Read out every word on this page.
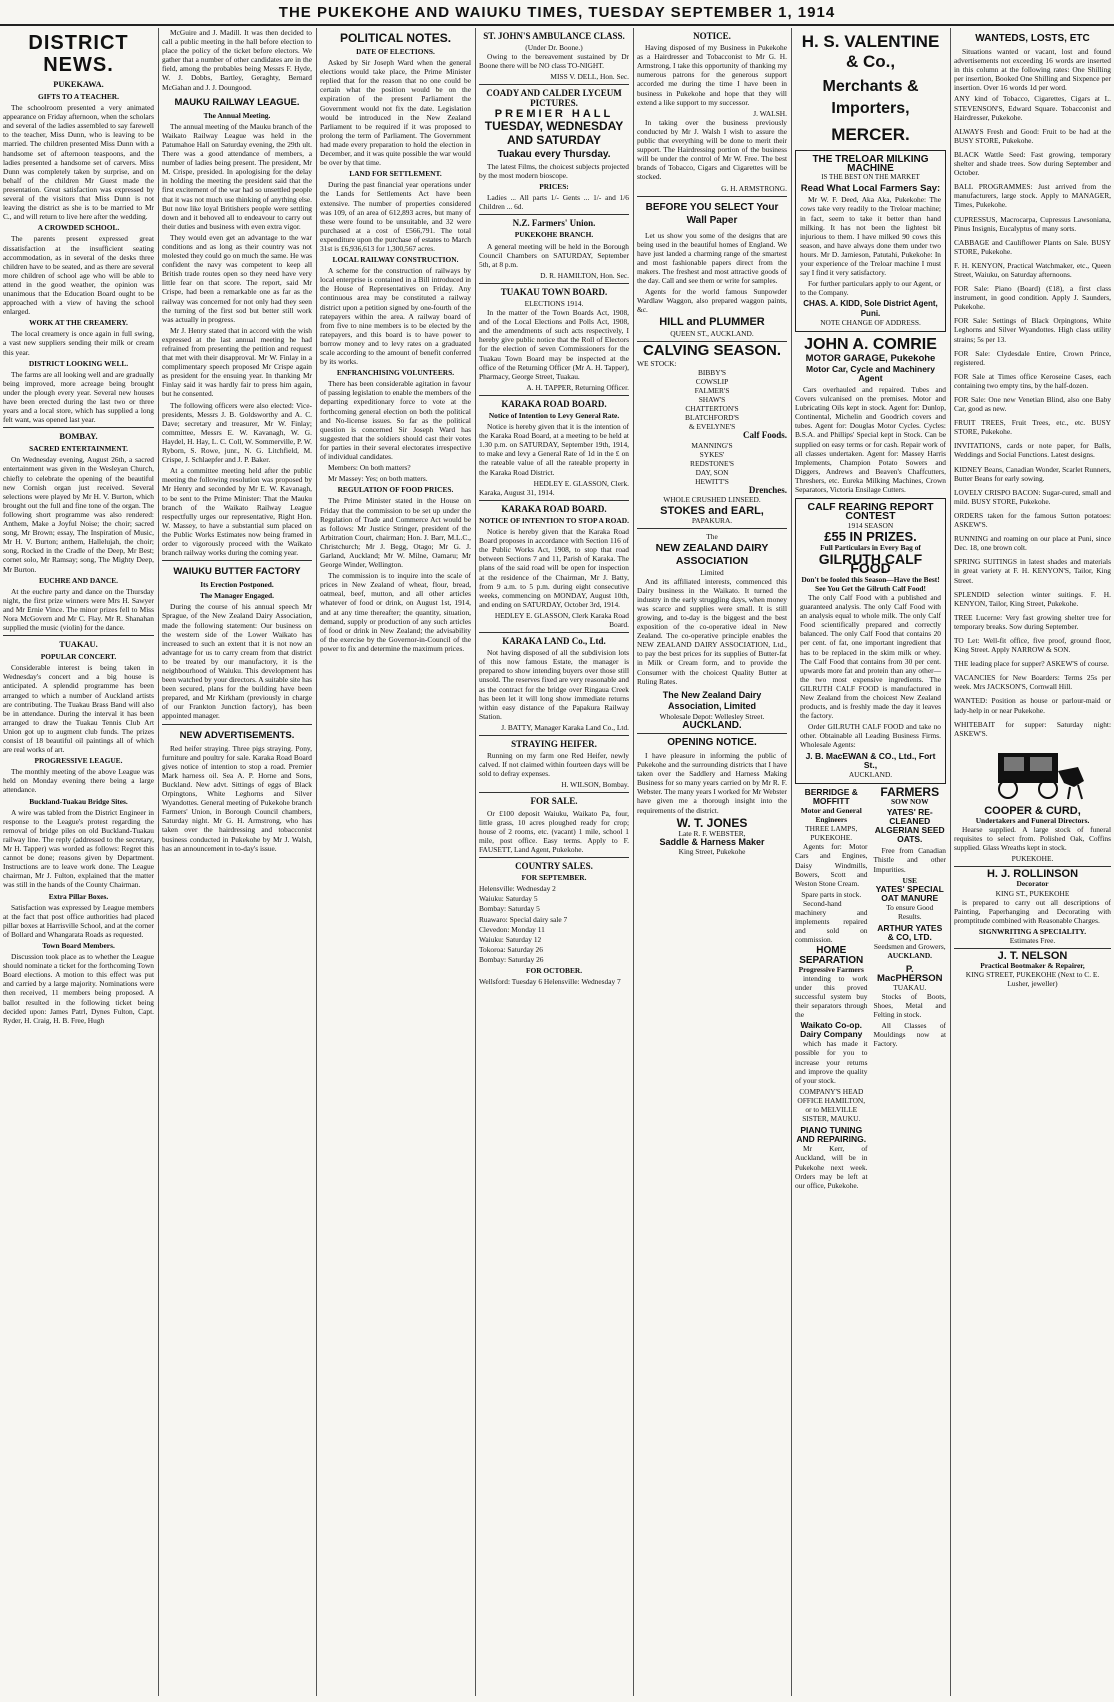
THE PUKEKOHE AND WAIUKU TIMES, TUESDAY SEPTEMBER 1, 1914
DISTRICT NEWS.
PUKEKAWA.
GIFTS TO A TEACHER.

The schoolroom presented a very animated appearance on Friday afternoon, when the scholars and several of the ladies assembled to say farewell to the teacher, Miss Dunn, who is leaving to be married. The children presented Miss Dunn with a handsome set of afternoon teaspoons, and the ladies presented a handsome set of carvers. Miss Dunn was completely taken by surprise, and on behalf of the children Mr Guest made the presentation. Great satisfaction was expressed by several of the visitors that Miss Dunn is not leaving the district as she is to be married to Mr C., and will return to live here after the wedding.

A CROWDED SCHOOL.

The parents present expressed great dissatisfaction at the insufficient seating accommodation, as in several of the desks three children have to be seated, and as there are several more children of school age who will be able to attend in the good weather, the opinion was unanimous that the Education Board ought to be approached with a view of having the school enlarged.

WORK AT THE CREAMERY.

The local creamery is once again in full swing, a vast new suppliers sending their milk or cream this year.

DISTRICT LOOKING WELL.

The farms are all looking well and are gradually being improved, more acreage being brought under the plough every year. Several new houses have been erected during the last two or three years and a local store, which has supplied a long felt want, was opened last year.

BOMBAY.
SACRED ENTERTAINMENT.

On Wednesday evening, August 26th, a sacred entertainment was given in the Wesleyan Church, chiefly to celebrate the opening of the beautiful new Cornish organ just received. Several selections were played by Mr H. V. Burton, which brought out the full and fine tone of the organ. The following short programme was also rendered: Anthem, Make a Joyful Noise; the choir; sacred song, Mr Brown; essay, The Inspiration of Music, Mr H. V. Burton; anthem, Hallelujah, the choir; song, Rocked in the Cradle of the Deep, Mr Best; cornet solo, Mr Ramsay; song, The Mighty Deep, Mr Burton.

EUCHRE AND DANCE.

At the euchre party and dance on the Thursday night, the first prize winners were Mrs H. Sawyer and Mr Ernie Vince. The minor prizes fell to Miss Nora McGovern and Mr C. Flay. Mr R. Shanahan supplied the music (violin) for the dance.

TUAKAU.
POPULAR CONCERT.

Considerable interest is being taken in Wednesday's concert and a big house is anticipated. A splendid programme has been arranged to which a number of Auckland artists are contributing. The Tuakau Brass Band will also be in attendance. During the interval it has been arranged to draw the Tuakau Tennis Club Art Union got up to augment club funds. The prizes consist of 18 beautiful oil paintings all of which are real works of art.

PROGRESSIVE LEAGUE.

The monthly meeting of the above League was held on Monday evening there being a large attendance.

Buckland-Tuakau Bridge Sites.

A wire was tabled from the District Engineer in response to the League's protest regarding the removal of bridge piles on old Buckland-Tuakau railway line. The reply (addressed to the secretary, Mr H. Tapper) was worded as follows: Regret this cannot be done; reasons given by Department. Instructions are to leave work done. The League chairman, Mr J. Fulton, explained that the matter was still in the hands of the County Chairman.

Extra Pillar Boxes.

Satisfaction was expressed by League members at the fact that post office authorities had placed pillar boxes at Harrisville School, and at the corner of Bollard and Whangarata Roads as requested.

Town Board Members.

Discussion took place as to whether the League should nominate a ticket for the forthcoming Town Board elections. A motion to this effect was put and carried by a large majority. Nominations were then received, 11 members being proposed. A ballot resulted in the following ticket being decided upon: James Patrl, Dynes Fulton, Capt. Ryder, H. Craig, H. B. Free, Hugh

McGuire and J. Madill. It was then decided to call a public meeting in the hall before election to place the policy of the ticket before electors. We gather that a number of other candidates are in the field, among the probables being Messrs F. Hyde, W. J. Dobbs, Bartley, Geraghty, Bernard McGahan and J. J. Doungood.

MAUKU RAILWAY LEAGUE.
The Annual Meeting.

The annual meeting of the Mauku branch of the Waikato Railway League was held in the Patumahoe Hall on Saturday evening, the 29th ult. There was a good attendance of members, a number of ladies being present. The president, Mr M. Crispe, presided. In apologising for the delay in holding the meeting the president said that the first excitement of the war had so unsettled people that it was not much use thinking of anything else. But now like loyal Britishers people were settling down and it behoved all to endeavour to carry out their duties and business with even extra vigor.

They would even get an advantage to the war conditions and as long as their country was not molested they could go on much the same. He was confident the navy was competent to keep all British trade routes open so they need have very little fear on that score. The report, said Mr Crispe, had been a remarkable one as far as the railway was concerned for not only had they seen the turning of the first sod but better still work was actually in progress.

Mr J. Henry stated that in accord with the wish expressed at the last annual meeting he had refrained from presenting the petition and request that met with their disapproval. Mr W. Finlay in a complimentary speech proposed Mr Crispe again as president for the ensuing year. In thanking Mr Finlay said it was hardly fair to press him again, but he consented.

The following officers were also elected: Vice-presidents, Messrs J. B. Goldsworthy and A. C. Dave; secretary and treasurer, Mr W. Finlay; committee, Messrs E. W. Kavanagh, W. G. Haydel, H. Hay, L. C. Coll, W. Sommerville, P. W. Ryborn, S. Rowe, junr., N. G. Litchfield, M. Crispe, J. Schlaepfer and J. P. Baker.

At a committee meeting held after the public meeting the following resolution was proposed by Mr Henry and seconded by Mr E. W. Kavanagh, to be sent to the Prime Minister: That the Mauku branch of the Waikato Railway League respectfully urges our representative, Right Hon. W. Massey, to have a substantial sum placed on the Public Works Estimates now being framed in order to vigorously proceed with the Waikato branch railway works during the coming year.

WAIUKU BUTTER FACTORY
Its Erection Postponed.
The Manager Engaged.

During the course of his annual speech Mr Sprague, of the New Zealand Dairy Association, made the following statement: Our business on the western side of the Lower Waikato has increased to such an extent that it is not now an advantage for us to carry cream from that district to be treated by our manufactory, it is the neighbourhood of Waiuku. This development has been watched by your directors. A suitable site has been secured, plans for the building have been prepared, and Mr Kirkham (previously in charge of our Frankton Junction factory), has been appointed manager.

NEW ADVERTISEMENTS.

Red heifer straying. Three pigs straying. Pony, furniture and poultry for sale. Karaka Road Board gives notice of intention to stop a road. Premier Mark harness oil. Sea A. P. Horne and Sons, Buckland. New advt. Sittings of eggs of Black Orpingtons, White Leghorns and Silver Wyandottes. General meeting of Pukekohe branch Farmers' Union, in Borough Council chambers, Saturday night. Mr G. H. Armstrong, who has taken over the hairdressing and tobacconist business conducted in Pukekohe by Mr J. Walsh, has an announcement in to-day's issue.

POLITICAL NOTES.
DATE OF ELECTIONS.

Asked by Sir Joseph Ward when the general elections would take place, the Prime Minister replied that for the reason that no one could be certain what the position would be on the expiration of the present Parliament the Government would not fix the date. Legislation would be introduced in the New Zealand Parliament to be required if it was proposed to prolong the term of Parliament. The Government had made every preparation to hold the election in December, and it was quite possible the war would be over by that time.

LAND FOR SETTLEMENT.

During the past financial year operations under the Lands for Settlements Act have been extensive. The number of properties considered was 109, of an area of 612,893 acres, but many of these were found to be unsuitable, and 32 were purchased at a cost of £566,791. The total expenditure upon the purchase of estates to March 31st is £6,936,613 for 1,300,567 acres.

LOCAL RAILWAY CONSTRUCTION.

A scheme for the construction of railways by local enterprise is contained in a Bill introduced in the House of Representatives on Friday. Any continuous area may be constituted a railway district upon a petition signed by one-fourth of the ratepayers within the area. A railway board of from five to nine members is to be elected by the ratepayers, and this board is to have power to borrow money and to levy rates on a graduated scale according to the amount of benefit conferred by its works.

ENFRANCHISING VOLUNTEERS.

There has been considerable agitation in favour of passing legislation to enable the members of the departing expeditionary force to vote at the forthcoming general election on both the political and No-license issues. So far as the political question is concerned Sir Joseph Ward has suggested that the soldiers should cast their votes for parties in their several electorates irrespective of individual candidates.

Members: On both matters?

Mr Massey: Yes; on both matters.

REGULATION OF FOOD PRICES.

The Prime Minister stated in the House on Friday that the commission to be set up under the Regulation of Trade and Commerce Act would be as follows: Mr Justice Stringer, president of the Arbitration Court, chairman; Hon. J. Barr, M.L.C., Christchurch; Mr J. Begg, Otago; Mr G. J. Garland, Auckland; Mr W. Milne, Oamaru; Mr George Winder, Wellington.

The commission is to inquire into the scale of prices in New Zealand of wheat, flour, bread, oatmeal, beef, mutton, and all other articles whatever of food or drink, on August 1st, 1914, and at any time thereafter; the quantity, situation, demand, supply or production of any such articles of food or drink in New Zealand; the advisability of the exercise by the Governor-in-Council of the power to fix and determine the maximum prices.

ST. JOHN'S AMBULANCE CLASS.
(Under Dr. Boone.)

Owing to the bereavement sustained by Dr Boone there will be NO class TO-NIGHT.

MISS V. DELL, Hon. Sec.
COADY AND CALDER LYCEUM PICTURES.
PREMIER HALL
TUESDAY, WEDNESDAY AND SATURDAY
Tuakau every Thursday.

The latest Films, the choicest subjects projected by the most modern bioscope.

PRICES:

Ladies ... All parts 1/- Gents ... 1/- and 1/6 Children ... 6d.

N.Z. Farmers' Union.
PUKEKOHE BRANCH.

A general meeting will be held in the Borough Council Chambers on SATURDAY, September 5th, at 8 p.m.

D. R. HAMILTON, Hon. Sec.
TUAKAU TOWN BOARD.
ELECTIONS 1914.

In the matter of the Town Boards Act, 1908, and of the Local Elections and Polls Act, 1908, and the amendments of such acts respectively, I hereby give public notice that the Roll of Electors for the election of seven Commissioners for the Tuakau Town Board may be inspected at the office of the Returning Officer (Mr A. H. Tapper), Pharmacy, George Street, Tuakau.

A. H. TAPPER, Returning Officer.
KARAKA ROAD BOARD.
Notice of Intention to Levy General Rate.

Notice is hereby given that it is the intention of the Karaka Road Board, at a meeting to be held at 1.30 p.m. on SATURDAY, September 19th, 1914, to make and levy a General Rate of 1d in the £ on the rateable value of all the rateable property in the Karaka Road District.

HEDLEY E. GLASSON, Clerk.
Karaka, August 31, 1914.
KARAKA ROAD BOARD.
NOTICE OF INTENTION TO STOP A ROAD.

Notice is hereby given that the Karaka Road Board proposes in accordance with Section 116 of the Public Works Act, 1908, to stop that road between Sections 7 and 11, Parish of Karaka. The plans of the said road will be open for inspection at the residence of the Chairman, Mr J. Batty, from 9 a.m. to 5 p.m. during eight consecutive weeks, commencing on MONDAY, August 10th, and ending on SATURDAY, October 3rd, 1914.

HEDLEY E. GLASSON, Clerk Karaka Road Board.
KARAKA LAND Co., Ltd.

Not having disposed of all the subdivision lots of this now famous Estate, the manager is prepared to show intending buyers over those still unsold. The reserves fixed are very reasonable and as the contract for the bridge over Ringaua Creek has been let it will long show immediate returns within easy distance of the Papakura Railway Station.

J. BATTY, Manager Karaka Land Co., Ltd.
STRAYING HEIFER.

Running on my farm one Red Heifer, newly calved. If not claimed within fourteen days will be sold to defray expenses.

H. WILSON, Bombay.
FOR SALE.

Or £100 deposit Waiuku, Waikato Pa, four, little grass, 10 acres ploughed ready for crop; house of 2 rooms, etc. (vacant) 1 mile, school 1 mile, post office. Easy terms. Apply to F. FAUSETT, Land Agent, Pukekohe.

COUNTRY SALES.
FOR SEPTEMBER.
Helensville: Wednesday 2
Waiuku: Saturday 5
Bombay: Saturday 5
Ruawaro: Special dairy sale 7
Clevedon: Monday 11
Waiuku: Saturday 12
Tokoroa: Saturday 26
Bombay: Saturday 26
FOR OCTOBER.
Wellsford: Tuesday 6 Helensville: Wednesday 7
NOTICE.

Having disposed of my Business in Pukekohe as a Hairdresser and Tobacconist to Mr G. H. Armstrong, I take this opportunity of thanking my numerous patrons for the generous support accorded me during the time I have been in business in Pukekohe and hope that they will extend a like support to my successor.

J. WALSH.

In taking over the business previously conducted by Mr J. Walsh I wish to assure the public that everything will be done to merit their support. The Hairdressing portion of the business will be under the control of Mr W. Free. The best brands of Tobacco, Cigars and Cigarettes will be stocked.

G. H. ARMSTRONG.
BEFORE YOU SELECT Your Wall Paper

Let us show you some of the designs that are being used in the beautiful homes of England. We have just landed a charming range of the smartest and most fashionable papers direct from the makers. The freshest and most attractive goods of the day. Call and see them or write for samples.

Agents for the world famous Sunpowder Wardlaw Waggon, also prepared waggon paints, &c.

HILL and PLUMMER
QUEEN ST., AUCKLAND.
CALVING SEASON.
WE STOCK:
BIBBY'S
COWSLIP
FALMER'S
SHAW'S
CHATTERTON'S
BLATCHFORD'S
& EVELYNE'S
Calf Foods.
MANNING'S
SYKES'
REDSTONE'S
DAY, SON
HEWITT'S
Drenches.
WHOLE CRUSHED LINSEED.
STOKES and EARL,
PAPAKURA.
The
NEW ZEALAND DAIRY ASSOCIATION
Limited

And its affiliated interests, commenced this Dairy business in the Waikato. It turned the industry in the early struggling days, when money was scarce and supplies were small. It is still growing, and to-day is the biggest and the best exposition of the co-operative ideal in New Zealand. The co-operative principle enables the NEW ZEALAND DAIRY ASSOCIATION, Ltd., to pay the best prices for its supplies of Butter-fat in Milk or Cream form, and to provide the Consumer with the choicest Quality Butter at Ruling Rates.

The New Zealand Dairy Association, Limited
Wholesale Depot: Wellesley Street.
AUCKLAND.
OPENING NOTICE.

I have pleasure in informing the public of Pukekohe and the surrounding districts that I have taken over the Saddlery and Harness Making Business for so many years carried on by Mr R. F. Webster. The many years I worked for Mr Webster have given me a thorough insight into the requirements of the district.

W. T. JONES
Late R. F. WEBSTER,
Saddle & Harness Maker
King Street, Pukekohe
H. S. VALENTINE & Co.,
Merchants & Importers,
MERCER.
THE TRELOAR MILKING MACHINE
IS THE BEST ON THE MARKET
Read What Local Farmers Say:

Mr W. F. Deed, Aka Aka, Pukekohe: The cows take very readily to the Treloar machine; in fact, seem to take it better than hand milking. It has not been the lightest bit injurious to them. I have milked 90 cows this season, and have always done them under two hours. Mr D. Jamieson, Patutahi, Pukekohe: In your experience of the Treloar machine I must say I find it very satisfactory.

For further particulars apply to our Agent, or to the Company.

CHAS. A. KIDD, Sole District Agent, Puni.
NOTE CHANGE OF ADDRESS.
JOHN A. COMRIE
MOTOR GARAGE, Pukekohe
Motor Car, Cycle and Machinery Agent

Cars overhauled and repaired. Tubes and Covers vulcanised on the premises. Motor and Lubricating Oils kept in stock. Agent for: Dunlop, Continental, Michelin and Goodrich covers and tubes. Agent for: Douglas Motor Cycles. Cycles: B.S.A. and Phillips' Special kept in Stock. Can be supplied on easy terms or for cash. Repair work of all classes undertaken. Agent for: Massey Harris Implements, Champion Potato Sowers and Diggers, Andrews and Beaven's Chaffcutters, Threshers, etc. Eureka Milking Machines, Crown Separators, Victoria Ensilage Cutters.

CALF REARING REPORT CONTEST
1914 SEASON
£55 IN PRIZES.
Full Particulars in Every Bag of
GILRUTH CALF FOOD
Don't be fooled this Season—Have the Best! See You Get the Gilruth Calf Food!

The only Calf Food with a published and guaranteed analysis. The only Calf Food with an analysis equal to whole milk. The only Calf Food scientifically prepared and correctly balanced. The only Calf Food that contains 20 per cent. of fat, one important ingredient that has to be replaced in the skim milk or whey. The Calf Food that contains from 30 per cent. upwards more fat and protein than any other—the two most expensive ingredients. The GILRUTH CALF FOOD is manufactured in New Zealand from the choicest New Zealand products, and is freshly made the day it leaves the factory.

Order GILRUTH CALF FOOD and take no other. Obtainable all Leading Business Firms. Wholesale Agents:

J. B. MacEWAN & CO., Ltd., Fort St.,
AUCKLAND.
BERRIDGE & MOFFITT
Motor and General Engineers
THREE LAMPS, PUKEKOHE.

Agents for: Motor Cars and Engines, Daisy Windmills, Bowers, Scott and Weston Stone Cream.

Spare parts in stock.

Second-hand machinery and implements repaired and sold on commission.

HOME SEPARATION
Progressive Farmers

intending to work under this proved successful system buy their separators through the

Waikato Co-op. Dairy Company

which has made it possible for you to increase your returns and improve the quality of your stock.

COMPANY'S HEAD OFFICE HAMILTON, or to MELVILLE SISTER, MAUKU.
PIANO TUNING AND REPAIRING.

Mr Kerr, of Auckland, will be in Pukekohe next week. Orders may be left at our office, Pukekohe.

FARMERS
SOW NOW
YATES' RE-CLEANED ALGERIAN SEED OATS.

Free from Canadian Thistle and other Impurities.

USE
YATES' SPECIAL OAT MANURE
To ensure Good Results.
ARTHUR YATES & CO, LTD.
Seedsmen and Growers,
AUCKLAND.
P. MacPHERSON
TUAKAU.

Stocks of Boots, Shoes, Metal and Felting in stock.

All Classes of Mouldings now at Factory.

WANTEDS, LOSTS, ETC

Situations wanted or vacant, lost and found advertisements not exceeding 16 words are inserted in this column at the following rates: One Shilling per insertion, Booked One Shilling and Sixpence per insertion. Over 16 words 1d per word.

ANY kind of Tobacco, Cigarettes, Cigars at L. STEVENSON'S, Edward Square. Tobacconist and Hairdresser, Pukekohe.
ALWAYS Fresh and Good: Fruit to be had at the BUSY STORE, Pukekohe.
BLACK Wattle Seed: Fast growing, temporary shelter and shade trees. Sow during September and October.
BALL PROGRAMMES: Just arrived from the manufacturers, large stock. Apply to MANAGER, Times, Pukekohe.
CUPRESSUS, Macrocarpa, Cupressus Lawsoniana, Pinus Insignis, Eucalyptus of many sorts.
CABBAGE and Cauliflower Plants on Sale. BUSY STORE, Pukekohe.
F. H. KENYON, Practical Watchmaker, etc., Queen Street, Waiuku, on Saturday afternoons.
FOR Sale: Piano (Board) (£18), a first class instrument, in good condition. Apply J. Saunders, Pukekohe.
FOR Sale: Settings of Black Orpingtons, White Leghorns and Silver Wyandottes. High class utility strains; 5s per 13.
FOR Sale: Clydesdale Entire, Crown Prince, registered.
FOR Sale at Times office Keroseine Cases, each containing two empty tins, by the half-dozen.
FOR Sale: One new Venetian Blind, also one Baby Car, good as new.
FRUIT TREES, Fruit Trees, etc., etc. BUSY STORE, Pukekohe.
INVITATIONS, cards or note paper, for Balls, Weddings and Social Functions. Latest designs.
KIDNEY Beans, Canadian Wonder, Scarlet Runners, Butter Beans for early sowing.
LOVELY CRISPO BACON: Sugar-cured, small and mild. BUSY STORE, Pukekohe.
ORDERS taken for the famous Sutton potatoes: ASKEW'S.
RUNNING and roaming on our place at Puni, since Dec. 18, one brown colt.
SPRING SUITINGS in latest shades and materials in great variety at F. H. KENYON'S, Tailor, King Street.
SPLENDID selection winter suitings. F. H. KENYON, Tailor, King Street, Pukekohe.
TREE Lucerne: Very fast growing shelter tree for temporary breaks. Sow during September.
TO Let: Well-fit office, five proof, ground floor, King Street. Apply NARROW & SON.
THE leading place for supper? ASKEW'S of course.
VACANCIES for New Boarders: Terms 25s per week. Mrs JACKSON'S, Cornwall Hill.
WANTED: Position as house or parlour-maid or lady-help in or near Pukekohe.
WHITEBAIT for supper: Saturday night: ASKEW'S.
COOPER & CURD,
Undertakers and Funeral Directors.

Hearse supplied. A large stock of funeral requisites to select from. Polished Oak, Coffins supplied. Glass Wreaths kept in stock.

PUKEKOHE.
H. J. ROLLINSON
Decorator
KING ST., PUKEKOHE

is prepared to carry out all descriptions of Painting, Paperhanging and Decorating with promptitude combined with Reasonable Charges.

SIGNWRITING A SPECIALITY.
Estimates Free.
J. T. NELSON
Practical Bootmaker & Repairer,
KING STREET, PUKEKOHE (Next to C. E. Lusher, jeweller)
